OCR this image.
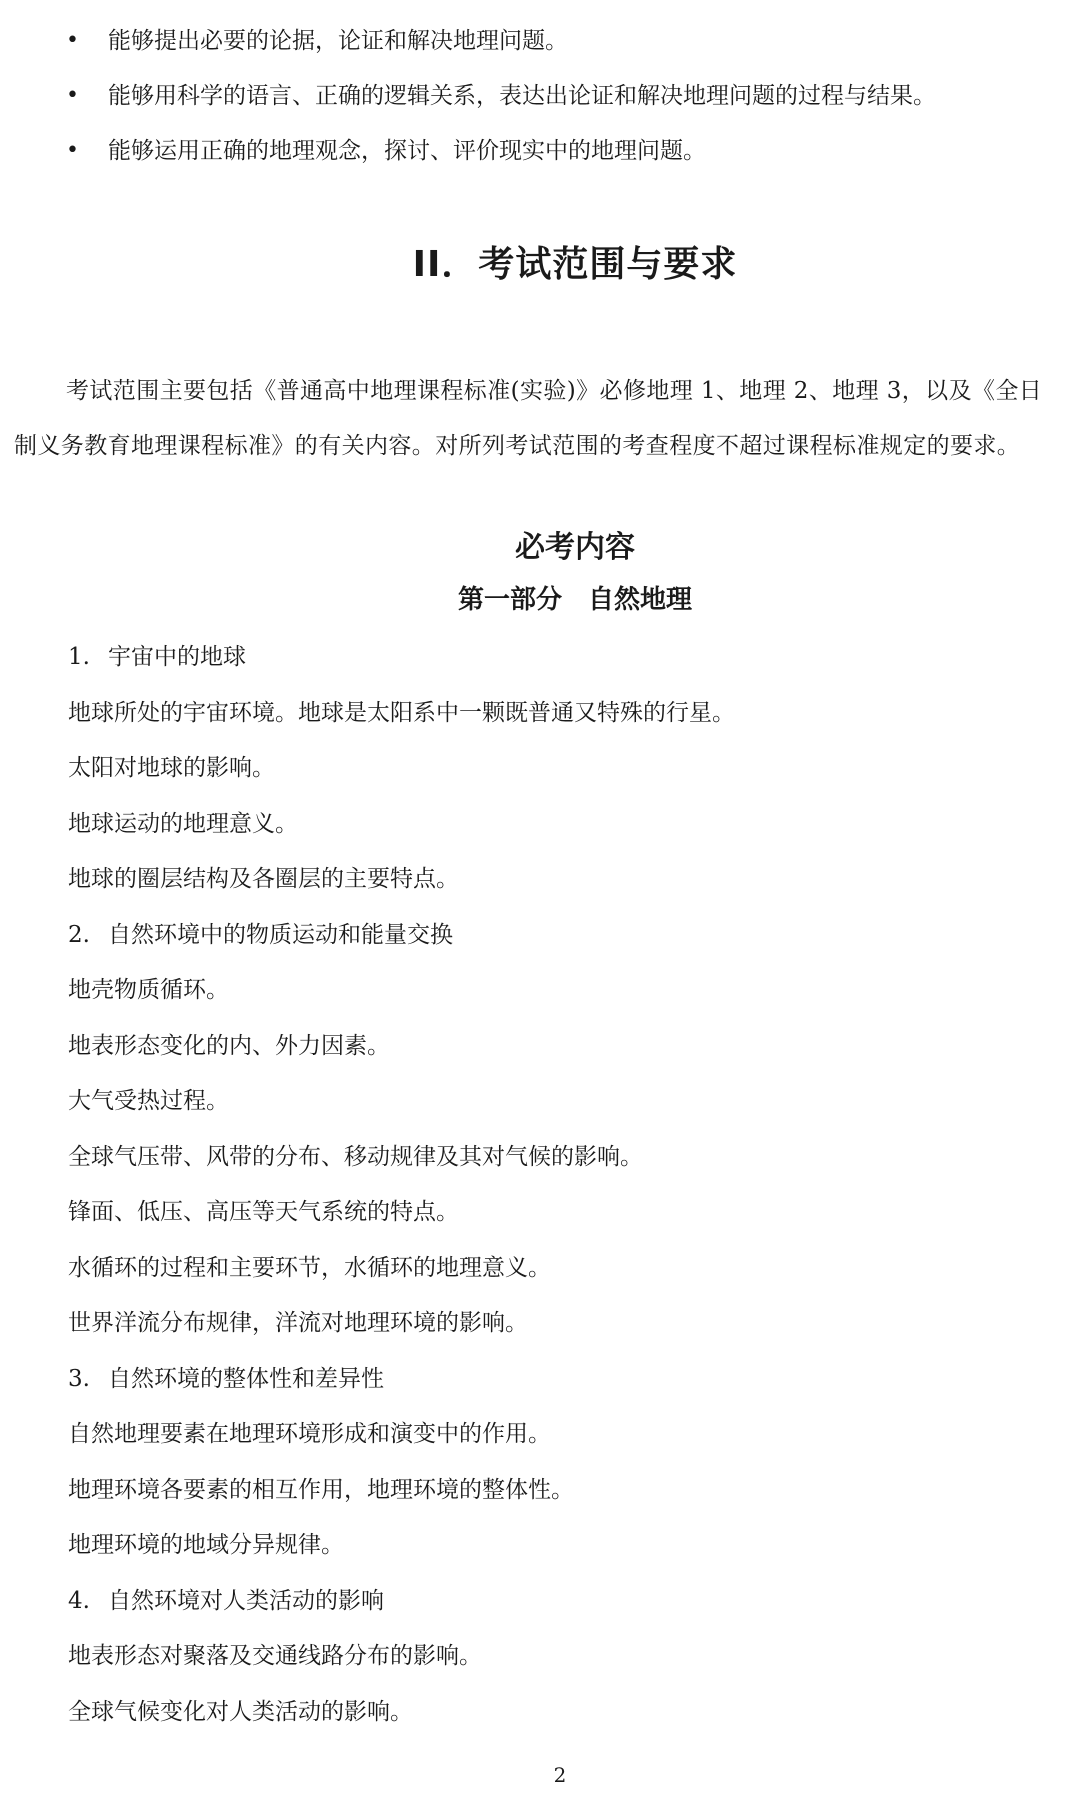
• 能够提出必要的论据，论证和解决地理问题。
• 能够用科学的语言、正确的逻辑关系，表达出论证和解决地理问题的过程与结果。
• 能够运用正确的地理观念，探讨、评价现实中的地理问题。
II．考试范围与要求

考试范围主要包括《普通高中地理课程标准(实验)》必修地理 1、地理 2、地理 3，以及《全日制义务教育地理课程标准》的有关内容。对所列考试范围的考查程度不超过课程标准规定的要求。

必考内容
第一部分　自然地理
1. 宇宙中的地球
地球所处的宇宙环境。地球是太阳系中一颗既普通又特殊的行星。
太阳对地球的影响。
地球运动的地理意义。
地球的圈层结构及各圈层的主要特点。
2. 自然环境中的物质运动和能量交换
地壳物质循环。
地表形态变化的内、外力因素。
大气受热过程。
全球气压带、风带的分布、移动规律及其对气候的影响。
锋面、低压、高压等天气系统的特点。
水循环的过程和主要环节，水循环的地理意义。
世界洋流分布规律，洋流对地理环境的影响。
3. 自然环境的整体性和差异性
自然地理要素在地理环境形成和演变中的作用。
地理环境各要素的相互作用，地理环境的整体性。
地理环境的地域分异规律。
4. 自然环境对人类活动的影响
地表形态对聚落及交通线路分布的影响。
全球气候变化对人类活动的影响。
2
